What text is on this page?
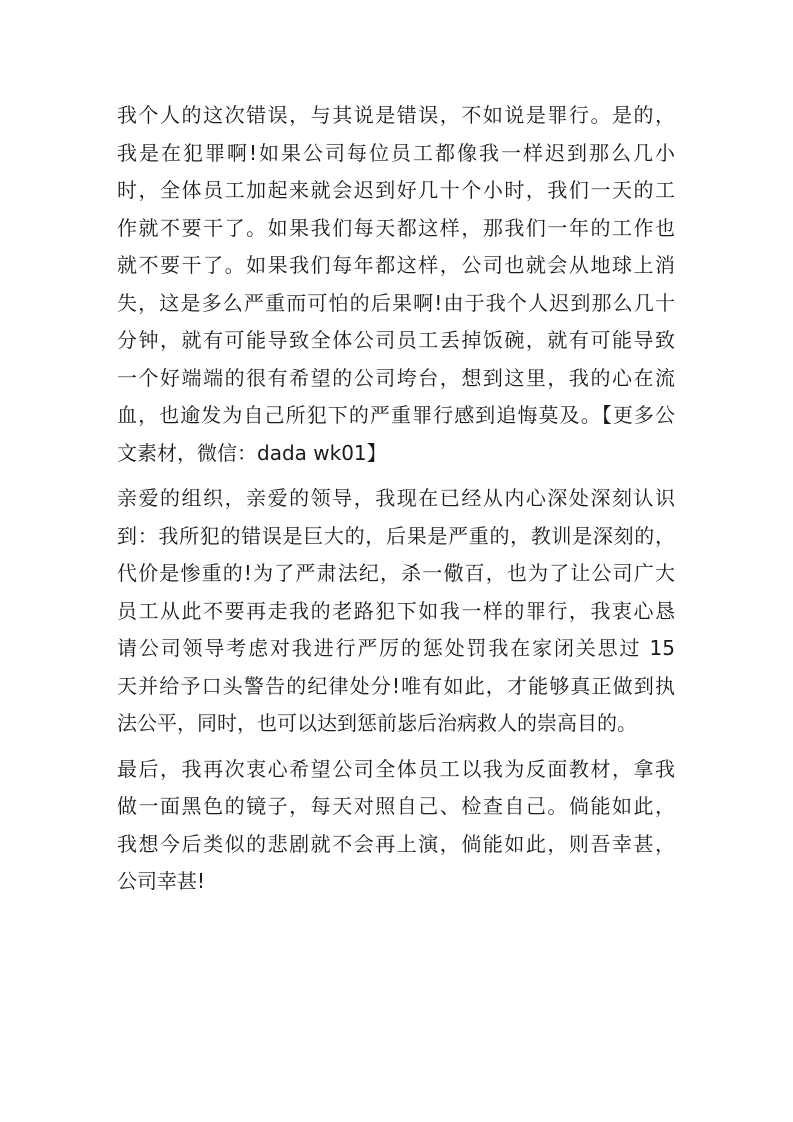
我个人的这次错误，与其说是错误，不如说是罪行。是的，
我是在犯罪啊!如果公司每位员工都像我一样迟到那么几小
时，全体员工加起来就会迟到好几十个小时，我们一天的工
作就不要干了。如果我们每天都这样，那我们一年的工作也
就不要干了。如果我们每年都这样，公司也就会从地球上消
失，这是多么严重而可怕的后果啊!由于我个人迟到那么几十
分钟，就有可能导致全体公司员工丢掉饭碗，就有可能导致
一个好端端的很有希望的公司垮台，想到这里，我的心在流
血，也逾发为自己所犯下的严重罪行感到追悔莫及。【更多公
文素材，微信：dada wk01】
亲爱的组织，亲爱的领导，我现在已经从内心深处深刻认识
到：我所犯的错误是巨大的，后果是严重的，教训是深刻的，
代价是惨重的!为了严肃法纪，杀一儆百，也为了让公司广大
员工从此不要再走我的老路犯下如我一样的罪行，我衷心恳
请公司领导考虑对我进行严厉的惩处罚我在家闭关思过 15
天并给予口头警告的纪律处分!唯有如此，才能够真正做到执
法公平，同时，也可以达到惩前毖后治病救人的崇高目的。
最后，我再次衷心希望公司全体员工以我为反面教材，拿我
做一面黑色的镜子，每天对照自己、检查自己。倘能如此，
我想今后类似的悲剧就不会再上演，倘能如此，则吾幸甚，
公司幸甚!
